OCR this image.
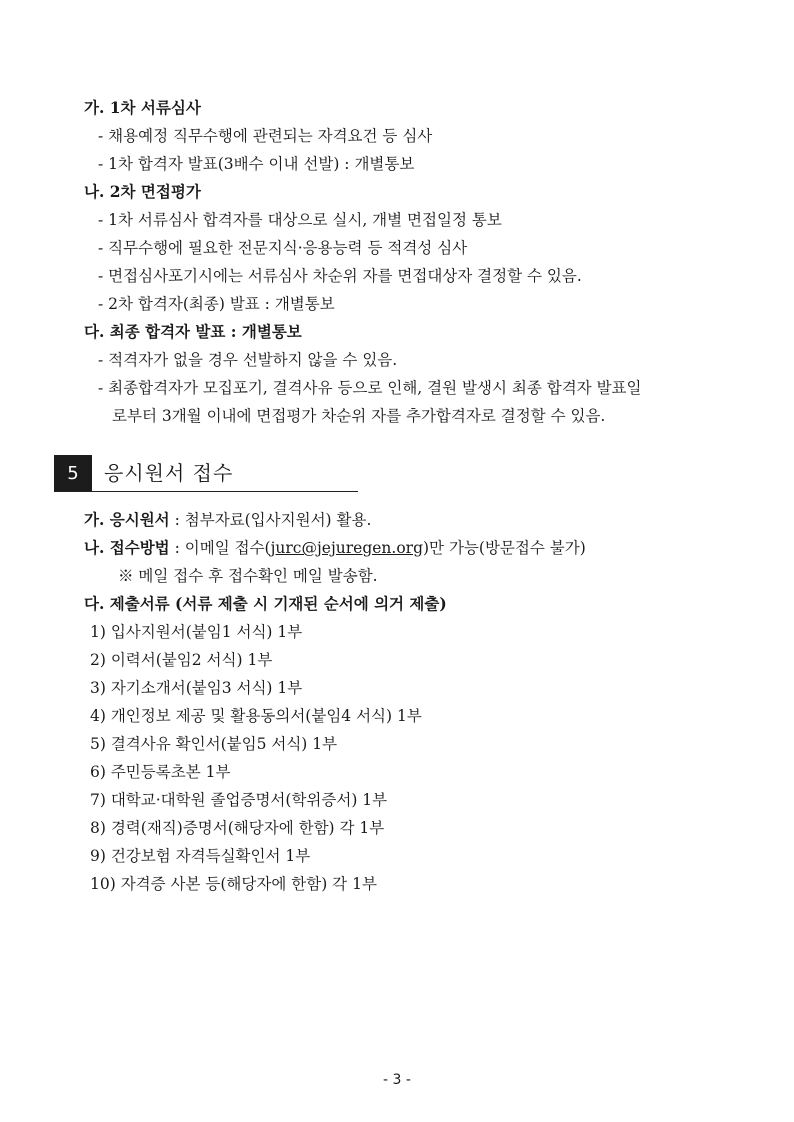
가. 1차 서류심사
- 채용예정 직무수행에 관련되는 자격요건 등 심사
- 1차 합격자 발표(3배수 이내 선발) : 개별통보
나. 2차 면접평가
- 1차 서류심사 합격자를 대상으로 실시, 개별 면접일정 통보
- 직무수행에 필요한 전문지식·응용능력 등 적격성 심사
- 면접심사포기시에는 서류심사 차순위 자를 면접대상자 결정할 수 있음.
- 2차 합격자(최종) 발표 : 개별통보
다. 최종 합격자 발표 : 개별통보
- 적격자가 없을 경우 선발하지 않을 수 있음.
- 최종합격자가 모집포기, 결격사유 등으로 인해, 결원 발생시 최종 합격자 발표일
로부터 3개월 이내에 면접평가 차순위 자를 추가합격자로 결정할 수 있음.
5	응시원서 접수
가. 응시원서 : 첨부자료(입사지원서) 활용.
나. 접수방법 : 이메일 접수(jurc@jejuregen.org)만 가능(방문접수 불가)
※ 메일 접수 후 접수확인 메일 발송함.
다. 제출서류 (서류 제출 시 기재된 순서에 의거 제출)
1) 입사지원서(붙임1 서식) 1부
2) 이력서(붙임2 서식) 1부
3) 자기소개서(붙임3 서식) 1부
4) 개인정보 제공 및 활용동의서(붙임4 서식) 1부
5) 결격사유 확인서(붙임5 서식) 1부
6) 주민등록초본 1부
7) 대학교·대학원 졸업증명서(학위증서) 1부
8) 경력(재직)증명서(해당자에 한함) 각 1부
9) 건강보험 자격득실확인서 1부
10) 자격증 사본 등(해당자에 한함) 각 1부
- 3 -
